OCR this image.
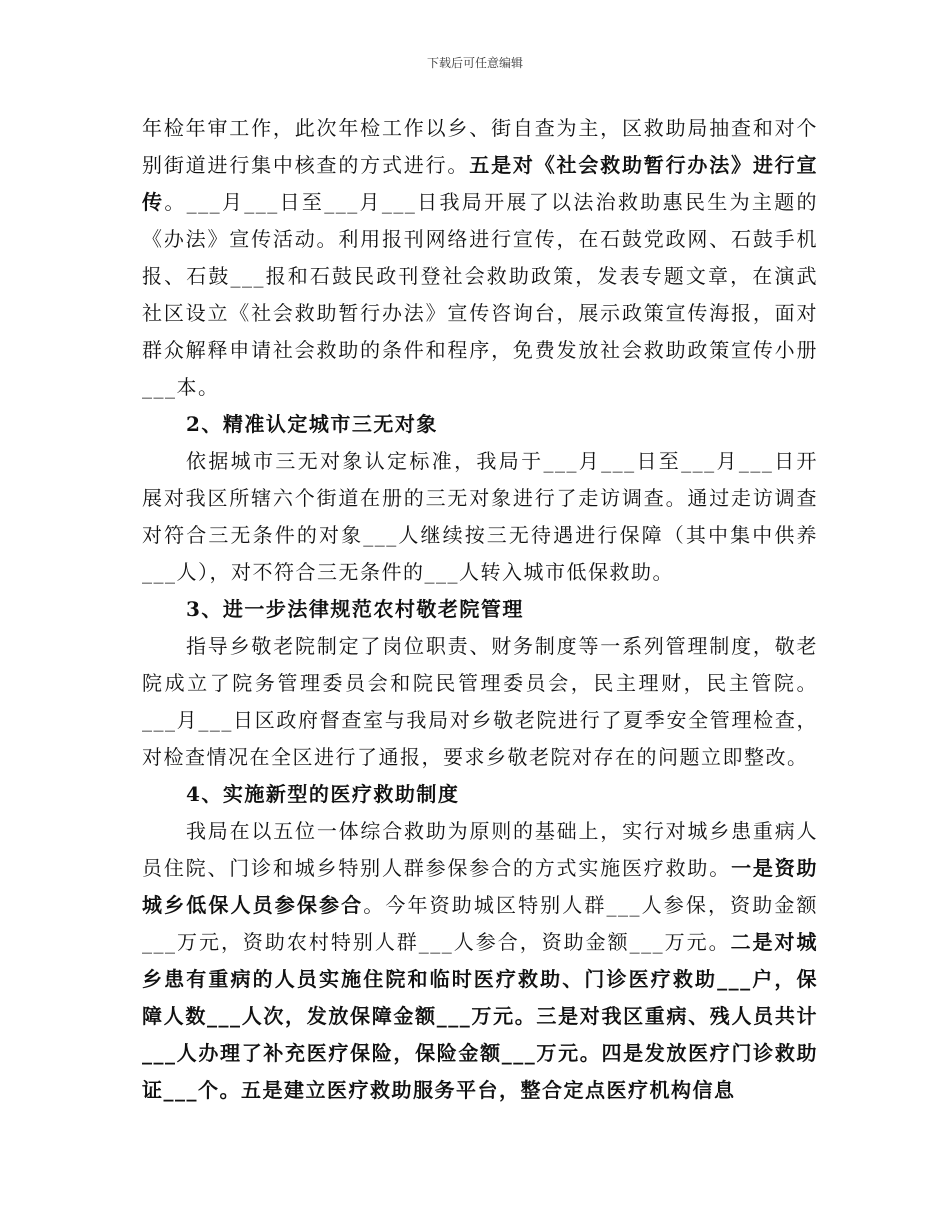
下载后可任意编辑

年检年审工作，此次年检工作以乡、街自查为主，区救助局抽查和对个别街道进行集中核查的方式进行。五是对《社会救助暂行办法》进行宣传。___月___日至___月___日我局开展了以法治救助惠民生为主题的《办法》宣传活动。利用报刊网络进行宣传，在石鼓党政网、石鼓手机报、石鼓___报和石鼓民政刊登社会救助政策，发表专题文章，在演武社区设立《社会救助暂行办法》宣传咨询台，展示政策宣传海报，面对群众解释申请社会救助的条件和程序，免费发放社会救助政策宣传小册___本。

2、精准认定城市三无对象

依据城市三无对象认定标准，我局于___月___日至___月___日开展对我区所辖六个街道在册的三无对象进行了走访调查。通过走访调查对符合三无条件的对象___人继续按三无待遇进行保障（其中集中供养___人），对不符合三无条件的___人转入城市低保救助。

3、进一步法律规范农村敬老院管理

指导乡敬老院制定了岗位职责、财务制度等一系列管理制度，敬老院成立了院务管理委员会和院民管理委员会，民主理财，民主管院。___月___日区政府督查室与我局对乡敬老院进行了夏季安全管理检查，对检查情况在全区进行了通报，要求乡敬老院对存在的问题立即整改。

4、实施新型的医疗救助制度

我局在以五位一体综合救助为原则的基础上，实行对城乡患重病人员住院、门诊和城乡特别人群参保参合的方式实施医疗救助。一是资助城乡低保人员参保参合。今年资助城区特别人群___人参保，资助金额___万元，资助农村特别人群___人参合，资助金额___万元。二是对城乡患有重病的人员实施住院和临时医疗救助、门诊医疗救助___户，保障人数___人次，发放保障金额___万元。三是对我区重病、残人员共计___人办理了补充医疗保险，保险金额___万元。四是发放医疗门诊救助证___个。五是建立医疗救助服务平台，整合定点医疗机构信息
